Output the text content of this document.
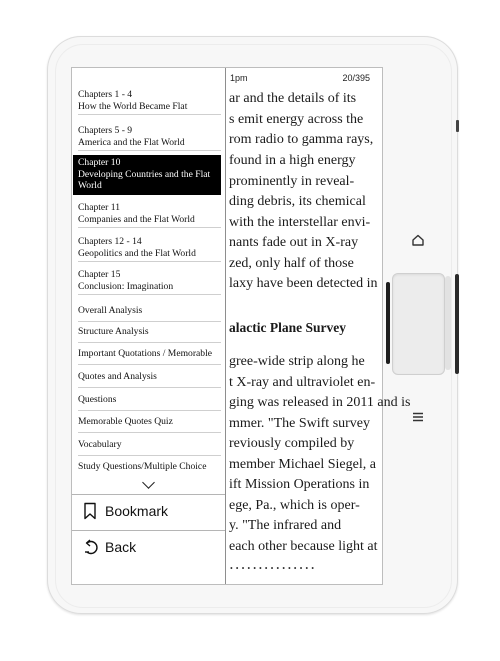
1pm	20/395
ar and the details of its
s emit energy across the
rom radio to gamma rays,
found in a high energy
prominently in reveal-
ding debris, its chemical
with the interstellar envi-
nants fade out in X-ray
zed, only half of those
laxy have been detected in
alactic Plane Survey
gree-wide strip along he
t X-ray and ultraviolet en-
ging was released in 2011 and is
mmer. "The Swift survey
reviously compiled by
member Michael Siegel, a
ift Mission Operations in
ege, Pa., which is oper-
y. "The infrared and
each other because light at
•••••••••••••••
Chapters 1 - 4
How the World Became Flat
Chapters 5 - 9
America and the Flat World
Chapter 10
Developing Countries and the Flat World
Chapter 11
Companies and the Flat World
Chapters 12 - 14
Geopolitics and the Flat World
Chapter 15
Conclusion: Imagination
Overall Analysis
Structure Analysis
Important Quotations / Memorable
Quotes and Analysis
Questions
Memorable Quotes Quiz
Vocabulary
Study Questions/Multiple Choice
Bookmark
Back
